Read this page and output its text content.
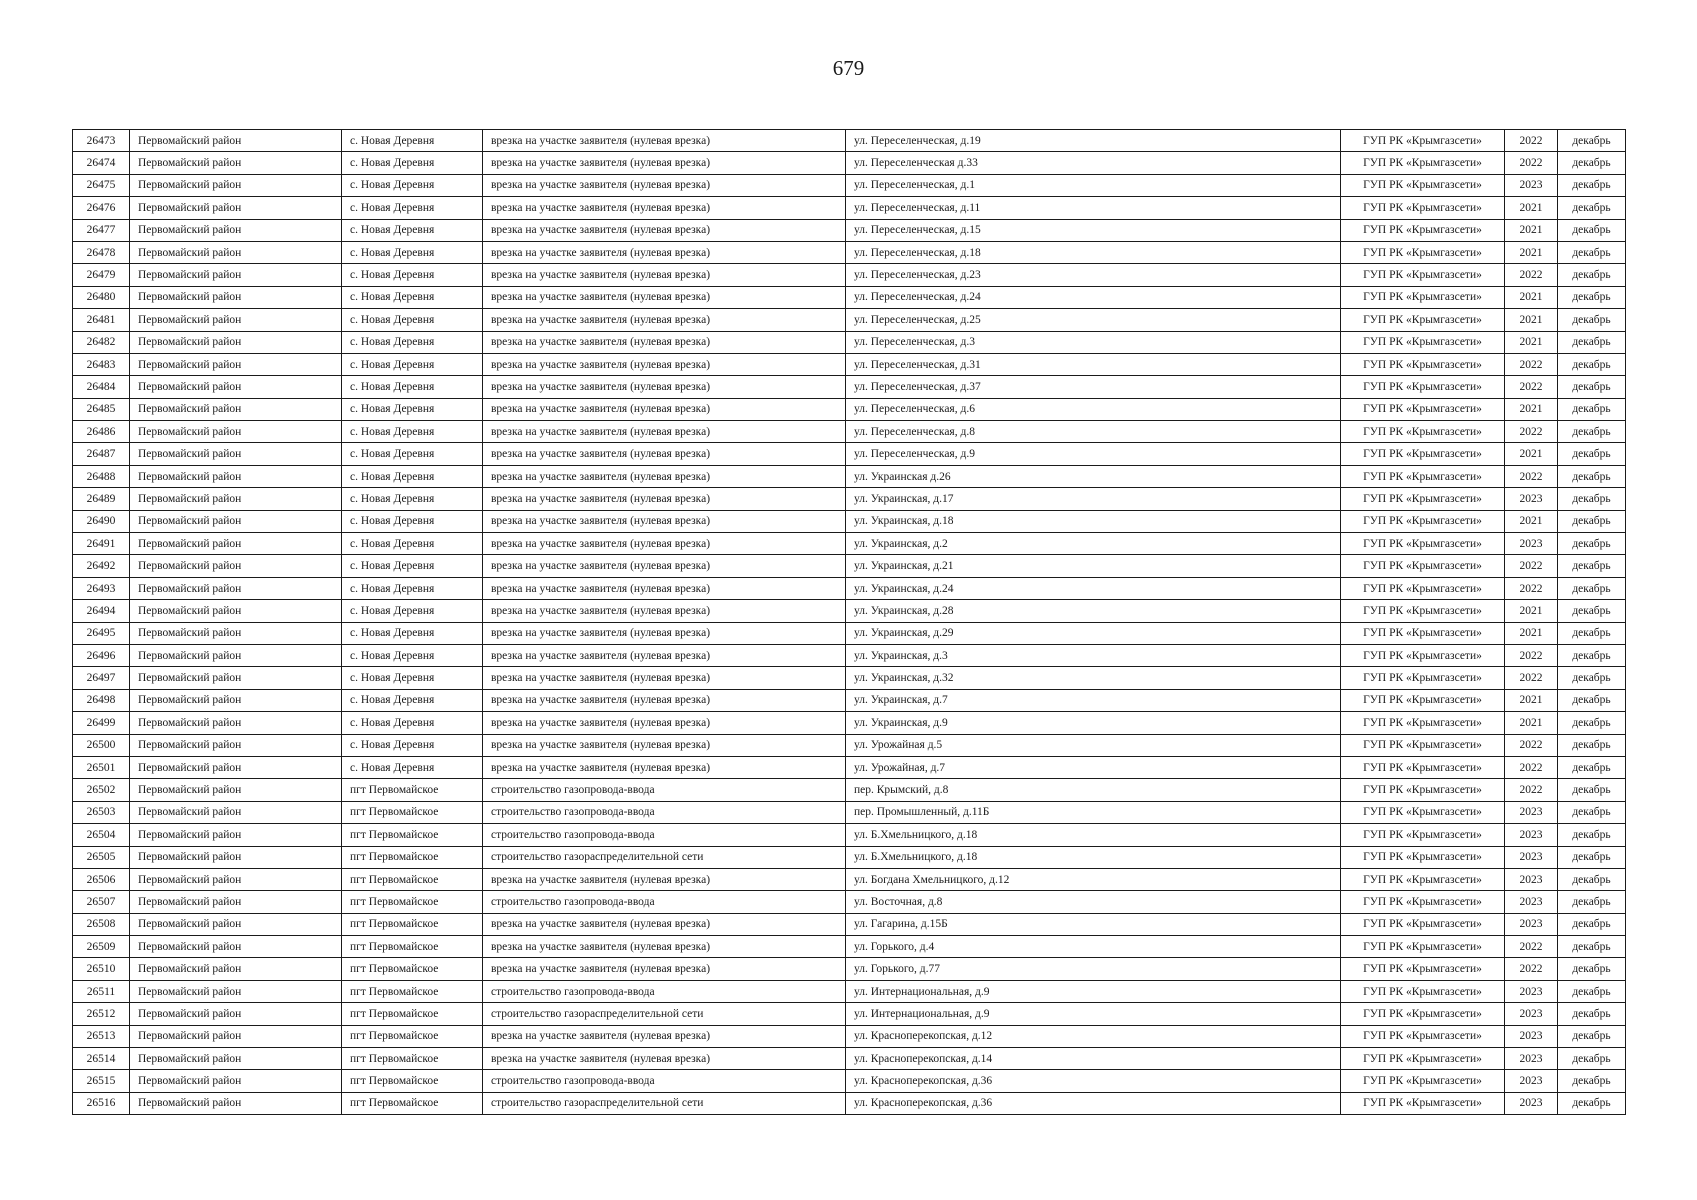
679
26473	Первомайский район	с. Новая Деревня	врезка на участке заявителя (нулевая врезка)	ул. Переселенческая, д.19	ГУП РК «Крымгазсети»	2022	декабрь
26474	Первомайский район	с. Новая Деревня	врезка на участке заявителя (нулевая врезка)	ул. Переселенческая д.33	ГУП РК «Крымгазсети»	2022	декабрь
26475	Первомайский район	с. Новая Деревня	врезка на участке заявителя (нулевая врезка)	ул. Переселенческая, д.1	ГУП РК «Крымгазсети»	2023	декабрь
26476	Первомайский район	с. Новая Деревня	врезка на участке заявителя (нулевая врезка)	ул. Переселенческая, д.11	ГУП РК «Крымгазсети»	2021	декабрь
26477	Первомайский район	с. Новая Деревня	врезка на участке заявителя (нулевая врезка)	ул. Переселенческая, д.15	ГУП РК «Крымгазсети»	2021	декабрь
26478	Первомайский район	с. Новая Деревня	врезка на участке заявителя (нулевая врезка)	ул. Переселенческая, д.18	ГУП РК «Крымгазсети»	2021	декабрь
26479	Первомайский район	с. Новая Деревня	врезка на участке заявителя (нулевая врезка)	ул. Переселенческая, д.23	ГУП РК «Крымгазсети»	2022	декабрь
26480	Первомайский район	с. Новая Деревня	врезка на участке заявителя (нулевая врезка)	ул. Переселенческая, д.24	ГУП РК «Крымгазсети»	2021	декабрь
26481	Первомайский район	с. Новая Деревня	врезка на участке заявителя (нулевая врезка)	ул. Переселенческая, д.25	ГУП РК «Крымгазсети»	2021	декабрь
26482	Первомайский район	с. Новая Деревня	врезка на участке заявителя (нулевая врезка)	ул. Переселенческая, д.3	ГУП РК «Крымгазсети»	2021	декабрь
26483	Первомайский район	с. Новая Деревня	врезка на участке заявителя (нулевая врезка)	ул. Переселенческая, д.31	ГУП РК «Крымгазсети»	2022	декабрь
26484	Первомайский район	с. Новая Деревня	врезка на участке заявителя (нулевая врезка)	ул. Переселенческая, д.37	ГУП РК «Крымгазсети»	2022	декабрь
26485	Первомайский район	с. Новая Деревня	врезка на участке заявителя (нулевая врезка)	ул. Переселенческая, д.6	ГУП РК «Крымгазсети»	2021	декабрь
26486	Первомайский район	с. Новая Деревня	врезка на участке заявителя (нулевая врезка)	ул. Переселенческая, д.8	ГУП РК «Крымгазсети»	2022	декабрь
26487	Первомайский район	с. Новая Деревня	врезка на участке заявителя (нулевая врезка)	ул. Переселенческая, д.9	ГУП РК «Крымгазсети»	2021	декабрь
26488	Первомайский район	с. Новая Деревня	врезка на участке заявителя (нулевая врезка)	ул. Украинская д.26	ГУП РК «Крымгазсети»	2022	декабрь
26489	Первомайский район	с. Новая Деревня	врезка на участке заявителя (нулевая врезка)	ул. Украинская, д.17	ГУП РК «Крымгазсети»	2023	декабрь
26490	Первомайский район	с. Новая Деревня	врезка на участке заявителя (нулевая врезка)	ул. Украинская, д.18	ГУП РК «Крымгазсети»	2021	декабрь
26491	Первомайский район	с. Новая Деревня	врезка на участке заявителя (нулевая врезка)	ул. Украинская, д.2	ГУП РК «Крымгазсети»	2023	декабрь
26492	Первомайский район	с. Новая Деревня	врезка на участке заявителя (нулевая врезка)	ул. Украинская, д.21	ГУП РК «Крымгазсети»	2022	декабрь
26493	Первомайский район	с. Новая Деревня	врезка на участке заявителя (нулевая врезка)	ул. Украинская, д.24	ГУП РК «Крымгазсети»	2022	декабрь
26494	Первомайский район	с. Новая Деревня	врезка на участке заявителя (нулевая врезка)	ул. Украинская, д.28	ГУП РК «Крымгазсети»	2021	декабрь
26495	Первомайский район	с. Новая Деревня	врезка на участке заявителя (нулевая врезка)	ул. Украинская, д.29	ГУП РК «Крымгазсети»	2021	декабрь
26496	Первомайский район	с. Новая Деревня	врезка на участке заявителя (нулевая врезка)	ул. Украинская, д.3	ГУП РК «Крымгазсети»	2022	декабрь
26497	Первомайский район	с. Новая Деревня	врезка на участке заявителя (нулевая врезка)	ул. Украинская, д.32	ГУП РК «Крымгазсети»	2022	декабрь
26498	Первомайский район	с. Новая Деревня	врезка на участке заявителя (нулевая врезка)	ул. Украинская, д.7	ГУП РК «Крымгазсети»	2021	декабрь
26499	Первомайский район	с. Новая Деревня	врезка на участке заявителя (нулевая врезка)	ул. Украинская, д.9	ГУП РК «Крымгазсети»	2021	декабрь
26500	Первомайский район	с. Новая Деревня	врезка на участке заявителя (нулевая врезка)	ул. Урожайная д.5	ГУП РК «Крымгазсети»	2022	декабрь
26501	Первомайский район	с. Новая Деревня	врезка на участке заявителя (нулевая врезка)	ул. Урожайная, д.7	ГУП РК «Крымгазсети»	2022	декабрь
26502	Первомайский район	пгт Первомайское	строительство газопровода-ввода	пер. Крымский, д.8	ГУП РК «Крымгазсети»	2022	декабрь
26503	Первомайский район	пгт Первомайское	строительство газопровода-ввода	пер. Промышленный, д.11Б	ГУП РК «Крымгазсети»	2023	декабрь
26504	Первомайский район	пгт Первомайское	строительство газопровода-ввода	ул. Б.Хмельницкого, д.18	ГУП РК «Крымгазсети»	2023	декабрь
26505	Первомайский район	пгт Первомайское	строительство газораспределительной сети	ул. Б.Хмельницкого, д.18	ГУП РК «Крымгазсети»	2023	декабрь
26506	Первомайский район	пгт Первомайское	врезка на участке заявителя (нулевая врезка)	ул. Богдана Хмельницкого, д.12	ГУП РК «Крымгазсети»	2023	декабрь
26507	Первомайский район	пгт Первомайское	строительство газопровода-ввода	ул. Восточная, д.8	ГУП РК «Крымгазсети»	2023	декабрь
26508	Первомайский район	пгт Первомайское	врезка на участке заявителя (нулевая врезка)	ул. Гагарина, д.15Б	ГУП РК «Крымгазсети»	2023	декабрь
26509	Первомайский район	пгт Первомайское	врезка на участке заявителя (нулевая врезка)	ул. Горького, д.4	ГУП РК «Крымгазсети»	2022	декабрь
26510	Первомайский район	пгт Первомайское	врезка на участке заявителя (нулевая врезка)	ул. Горького, д.77	ГУП РК «Крымгазсети»	2022	декабрь
26511	Первомайский район	пгт Первомайское	строительство газопровода-ввода	ул. Интернациональная, д.9	ГУП РК «Крымгазсети»	2023	декабрь
26512	Первомайский район	пгт Первомайское	строительство газораспределительной сети	ул. Интернациональная, д.9	ГУП РК «Крымгазсети»	2023	декабрь
26513	Первомайский район	пгт Первомайское	врезка на участке заявителя (нулевая врезка)	ул. Красноперекопская, д.12	ГУП РК «Крымгазсети»	2023	декабрь
26514	Первомайский район	пгт Первомайское	врезка на участке заявителя (нулевая врезка)	ул. Красноперекопская, д.14	ГУП РК «Крымгазсети»	2023	декабрь
26515	Первомайский район	пгт Первомайское	строительство газопровода-ввода	ул. Красноперекопская, д.36	ГУП РК «Крымгазсети»	2023	декабрь
26516	Первомайский район	пгт Первомайское	строительство газораспределительной сети	ул. Красноперекопская, д.36	ГУП РК «Крымгазсети»	2023	декабрь
